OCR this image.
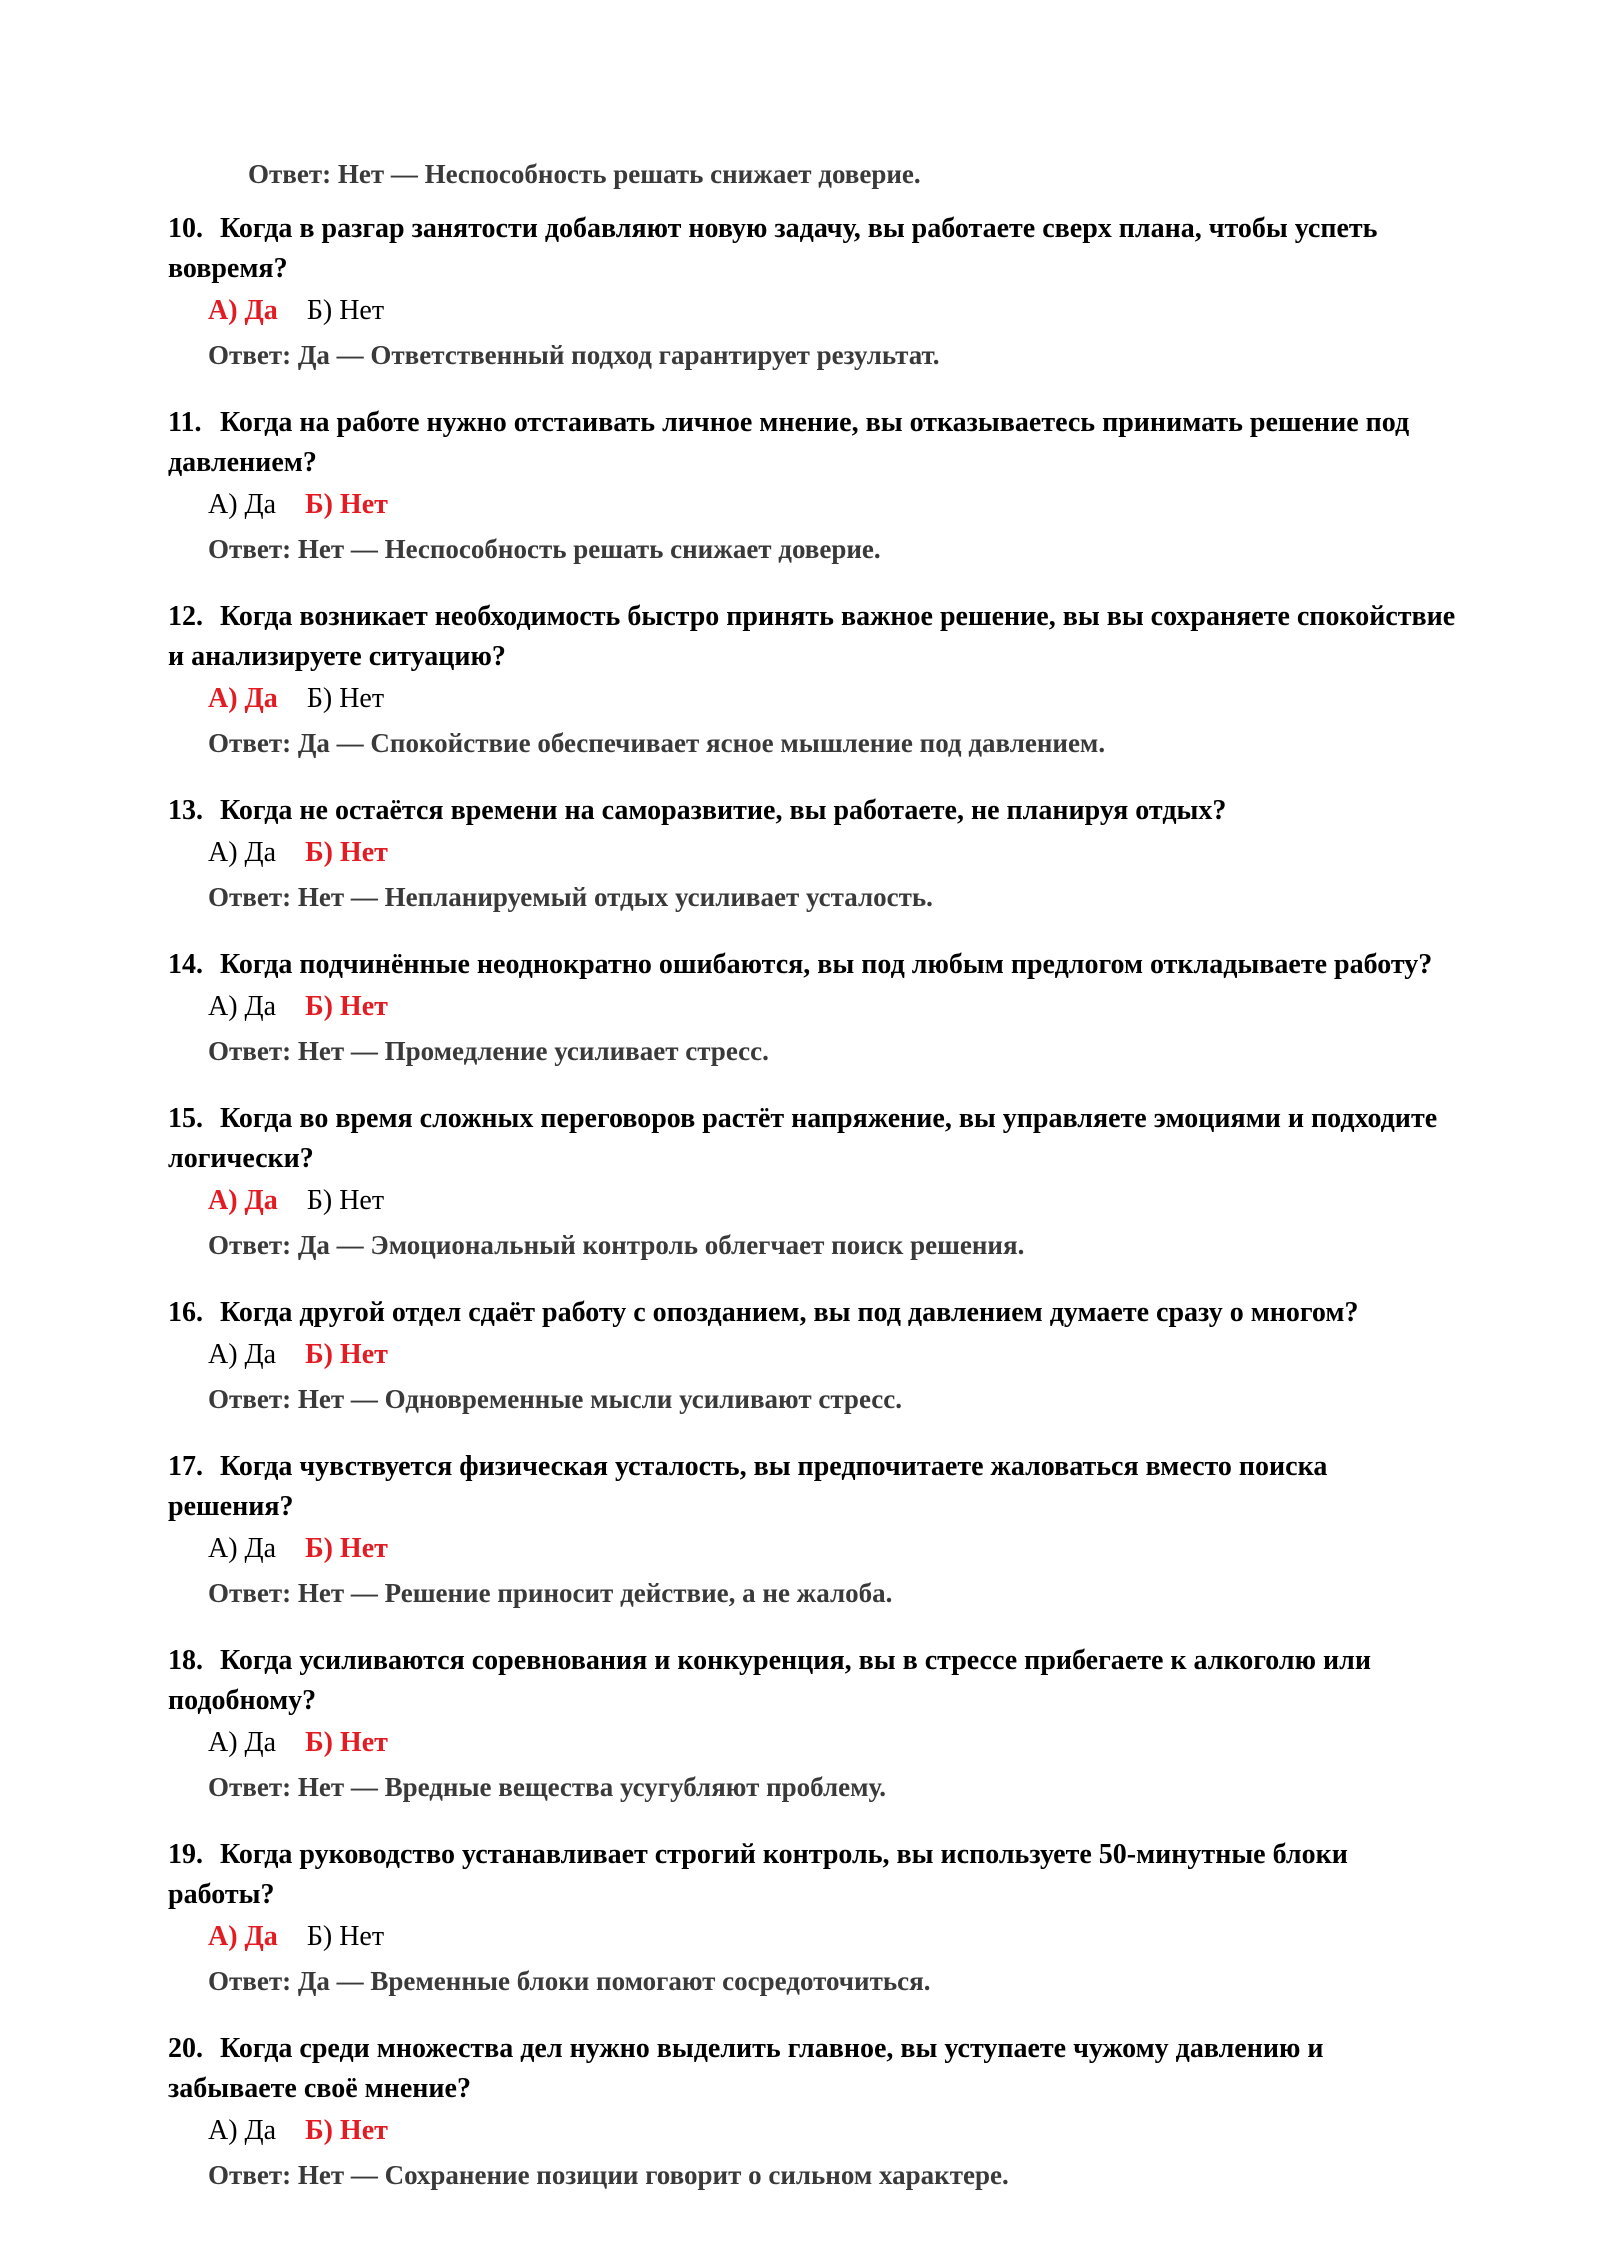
Ответ: Нет — Неспособность решать снижает доверие.

10. Когда в разгар занятости добавляют новую задачу, вы работаете сверх плана, чтобы успеть вовремя?

А) Да Б) Нет
Ответ: Да — Ответственный подход гарантирует результат.

11. Когда на работе нужно отстаивать личное мнение, вы отказываетесь принимать решение под давлением?

А) Да Б) Нет
Ответ: Нет — Неспособность решать снижает доверие.

12. Когда возникает необходимость быстро принять важное решение, вы вы сохраняете спокойствие и анализируете ситуацию?

А) Да Б) Нет
Ответ: Да — Спокойствие обеспечивает ясное мышление под давлением.

13. Когда не остаётся времени на саморазвитие, вы работаете, не планируя отдых?

А) Да Б) Нет
Ответ: Нет — Непланируемый отдых усиливает усталость.

14. Когда подчинённые неоднократно ошибаются, вы под любым предлогом откладываете работу?

А) Да Б) Нет
Ответ: Нет — Промедление усиливает стресс.

15. Когда во время сложных переговоров растёт напряжение, вы управляете эмоциями и подходите логически?

А) Да Б) Нет
Ответ: Да — Эмоциональный контроль облегчает поиск решения.

16. Когда другой отдел сдаёт работу с опозданием, вы под давлением думаете сразу о многом?

А) Да Б) Нет
Ответ: Нет — Одновременные мысли усиливают стресс.

17. Когда чувствуется физическая усталость, вы предпочитаете жаловаться вместо поиска решения?

А) Да Б) Нет
Ответ: Нет — Решение приносит действие, а не жалоба.

18. Когда усиливаются соревнования и конкуренция, вы в стрессе прибегаете к алкоголю или подобному?

А) Да Б) Нет
Ответ: Нет — Вредные вещества усугубляют проблему.

19. Когда руководство устанавливает строгий контроль, вы используете 50-минутные блоки работы?

А) Да Б) Нет
Ответ: Да — Временные блоки помогают сосредоточиться.

20. Когда среди множества дел нужно выделить главное, вы уступаете чужому давлению и забываете своё мнение?

А) Да Б) Нет
Ответ: Нет — Сохранение позиции говорит о сильном характере.
